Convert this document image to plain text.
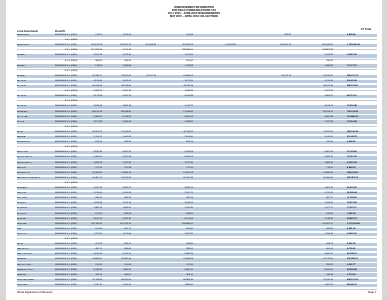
DISBURSEMENT INFORMATION
FOR FIELD COMMUNICATIONS TAX
JULY 2015 – JUNE 2016 DISBURSEMENTS
MAY 2015 – APRIL 2016 COLLECTIONS
FY Total
Local Government	Fiscal ID
ABERDEEN	36000000 E & L (0002)	718.20	1,135.40	106.48	283.90	2,450.46
E & L (0003)
ABERDEEN	36000000 E & L (0001)	180,108.13	144,411.70	131,004.98	181,962.33	124,812.86	130,000.75	160,168.90	1,729,036.36
E & L (0003)	167,323.56	2,131.43	189,585.01	134,867.89
ALBANY	36000000 E & L (0001)	2,180.19	2,132.50	1,150.00	2,168.32	14,811.08
E & L (0003)	589.06	594.50	601.40	590.03
ALBANY	36000000 E & L (0001)	128.58	1,039.83	1,114.93	1,068.59	13,171.31
E & L (0003)
ALBANY	36000000 E & L (0001)	22,490.01	24,021.81	23,117.19	21,860.03	24,173.70	20,190.00	285,017.12
ALLISON	36000000 E & L (0001)	4,133.46	5,012.47	1,122.05	4,219.43	50,341.08
ALLISON	36000000 E & L (0001)	45,704.94	46,116.82	43,116.16	46,102.30	545,113.00
E & L (0003)	2,008.51	2,000.33	1,909.86	2,021.06
ALLISON	36000000 E & L (0001)	4,174.38	4,011.76	4,134.68	4,060.21	48,711.91
E & L (0003)
ALLISON	36000000 E & L (0001)	3,180.04	3,060.18	3,112.22	3,124.02	37,610.48
ALMAGRO	36000000 E & L (0001)	68,153.18	66,188.50	71,040.60	64,114.70	792,114.38
ALTOONA	36000000 E & L (0001)	9,460.07	9,218.02	9,601.03	9,502.99	112,880.18
ALTON	36000000 E & L (0001)	1,121.98	1,063.43	1,098.60	1,117.96	13,311.48
E & L (0003)
ALVIN	36000000 E & L (0001)	32,301.41	31,014.60	32,110.93	31,911.60	380,141.24
AMENIA	36000000 E & L (0001)	2,116.12	2,041.89	2,106.60	2,109.01	25,149.78
ANDERSON	36000000 E & L (0001)	812.33	780.03	801.15	811.09	9,606.41
E & L (0003)
ANDOVER	36000000 E & L (0001)	4,810.38	4,621.20	4,790.06	4,801.55	57,141.40
APPLE VALLEY	36000000 E & L (0001)	6,340.11	6,201.48	6,290.04	6,308.70	75,311.09
ARDEN HILLS	36000000 E & L (0001)	1,990.04	1,912.20	1,977.81	1,985.40	23,610.38
ARGYLE	36000000 E & L (0001)	721.16	702.48	716.10	719.91	8,560.12
ARLINGTON	36000000 E & L (0001)	14,110.60	13,880.14	14,020.78	14,090.35	168,119.41
ARLINGTON HEIGHTS	36000000 E & L (0001)	52,401.11	51,190.93	52,110.48	52,300.06	625,381.15
E & L (0003)
ASHLAND	36000000 E & L (0001)	3,410.19	3,302.70	3,389.14	3,401.33	40,601.28
ASHTON	36000000 E & L (0001)	2,218.06	2,140.93	2,201.71	2,212.20	26,380.04
ASTORIA	36000000 E & L (0001)	990.41	963.70	981.33	987.17	11,790.56
ATHENS	36000000 E & L (0001)	1,203.48	1,170.12	1,196.02	1,200.81	14,321.90
ATLANTA	36000000 E & L (0001)	1,480.10	1,440.61	1,470.30	1,477.77	17,621.11
ATWOOD	36000000 E & L (0001)	612.03	596.48	608.81	610.40	7,281.06
AUBURN	36000000 E & L (0001)	2,140.76	2,081.30	2,131.06	2,138.60	25,481.72
AURORA	36000000 E & L (0001)	312,110.43	301,224.10	309,980.61	311,002.11	3,710,114.58
AVA	36000000 E & L (0001)	510.06	491.17	505.40	508.93	6,081.03
AVISTON	36000000 E & L (0001)	1,211.30	1,170.60	1,201.87	1,208.44	14,410.18
E & L (0003)
AVON	36000000 E & L (0001)	701.08	682.41	696.90	699.73	8,341.55
BARTELSO	36000000 E & L (0001)	402.11	389.60	399.02	401.06	4,790.81
BARTONVILLE	36000000 E & L (0001)	5,610.04	5,431.70	5,580.33	5,600.21	66,740.10
BATAVIA	36000000 E & L (0001)	31,804.61	30,990.40	31,660.08	31,770.00	378,420.07
BATCHTOWN	36000000 E & L (0001)	210.33	201.08	207.96	209.41	2,501.77
BEARDSTOWN	36000000 E & L (0001)	8,110.92	7,904.31	8,060.41	8,100.07	96,520.48
BEASON	36000000 E & L (0001)	311.70	301.02	309.11	310.96	3,710.23
BEDFORD PARK	36000000 E & L (0001)	70,114.08	68,201.66	69,880.30	70,010.43	834,117.62
BEECHER	36000000 E & L (0001)	7,410.16	7,210.41	7,380.60	7,401.97	88,140.33
Illinois Department of Revenue	Page 1
